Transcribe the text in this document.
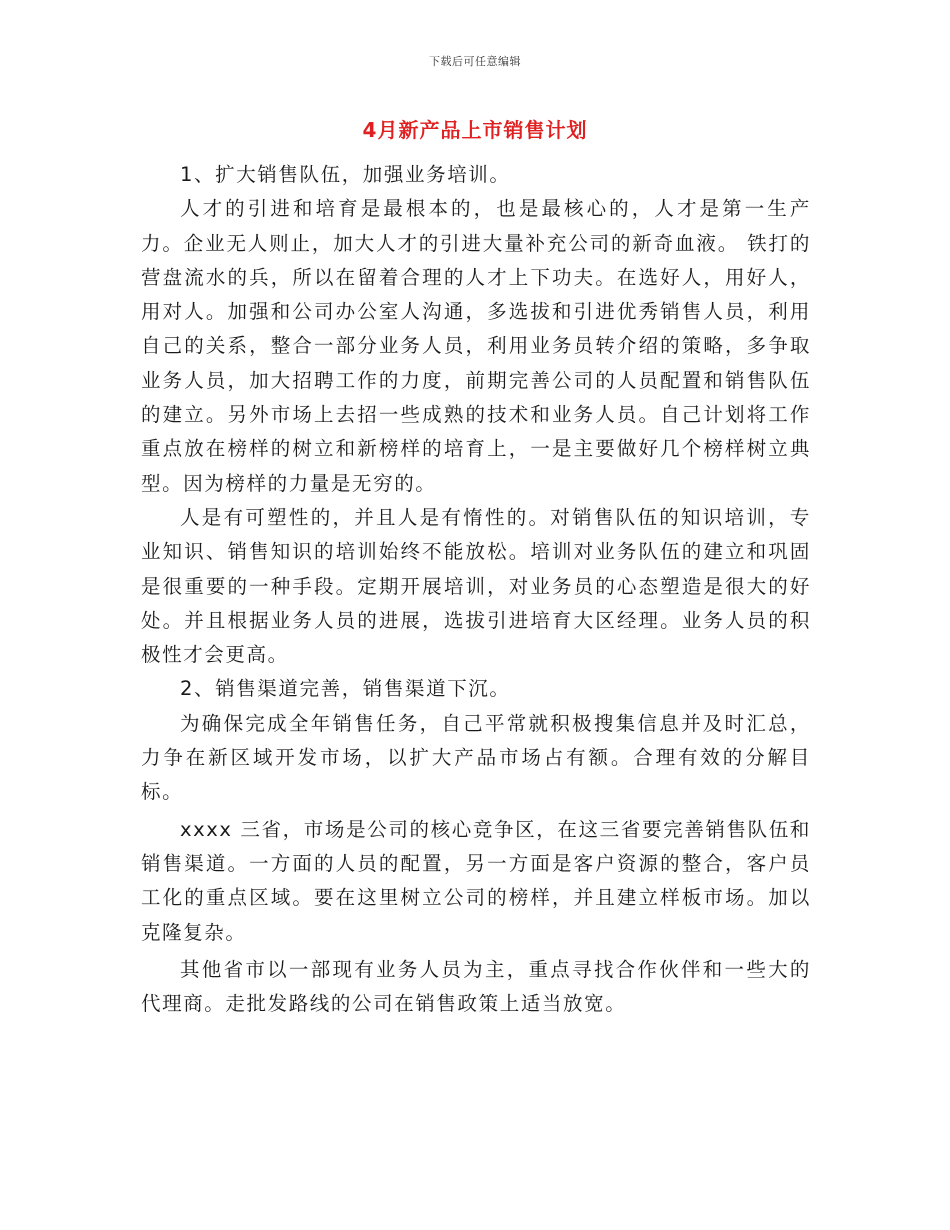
下载后可任意编辑
4月新产品上市销售计划

1、扩大销售队伍，加强业务培训。

人才的引进和培育是最根本的，也是最核心的，人才是第一生产力。企业无人则止，加大人才的引进大量补充公司的新奇血液。 铁打的营盘流水的兵，所以在留着合理的人才上下功夫。在选好人，用好人，用对人。加强和公司办公室人沟通，多选拔和引进优秀销售人员，利用自己的关系，整合一部分业务人员，利用业务员转介绍的策略，多争取业务人员，加大招聘工作的力度，前期完善公司的人员配置和销售队伍的建立。另外市场上去招一些成熟的技术和业务人员。自己计划将工作重点放在榜样的树立和新榜样的培育上，一是主要做好几个榜样树立典型。因为榜样的力量是无穷的。

人是有可塑性的，并且人是有惰性的。对销售队伍的知识培训，专业知识、销售知识的培训始终不能放松。培训对业务队伍的建立和巩固是很重要的一种手段。定期开展培训，对业务员的心态塑造是很大的好处。并且根据业务人员的进展，选拔引进培育大区经理。业务人员的积极性才会更高。

2、销售渠道完善，销售渠道下沉。

为确保完成全年销售任务，自己平常就积极搜集信息并及时汇总，力争在新区域开发市场，以扩大产品市场占有额。合理有效的分解目标。

xxxx 三省，市场是公司的核心竞争区，在这三省要完善销售队伍和销售渠道。一方面的人员的配置，另一方面是客户资源的整合，客户员工化的重点区域。要在这里树立公司的榜样，并且建立样板市场。加以克隆复杂。

其他省市以一部现有业务人员为主，重点寻找合作伙伴和一些大的代理商。走批发路线的公司在销售政策上适当放宽。
